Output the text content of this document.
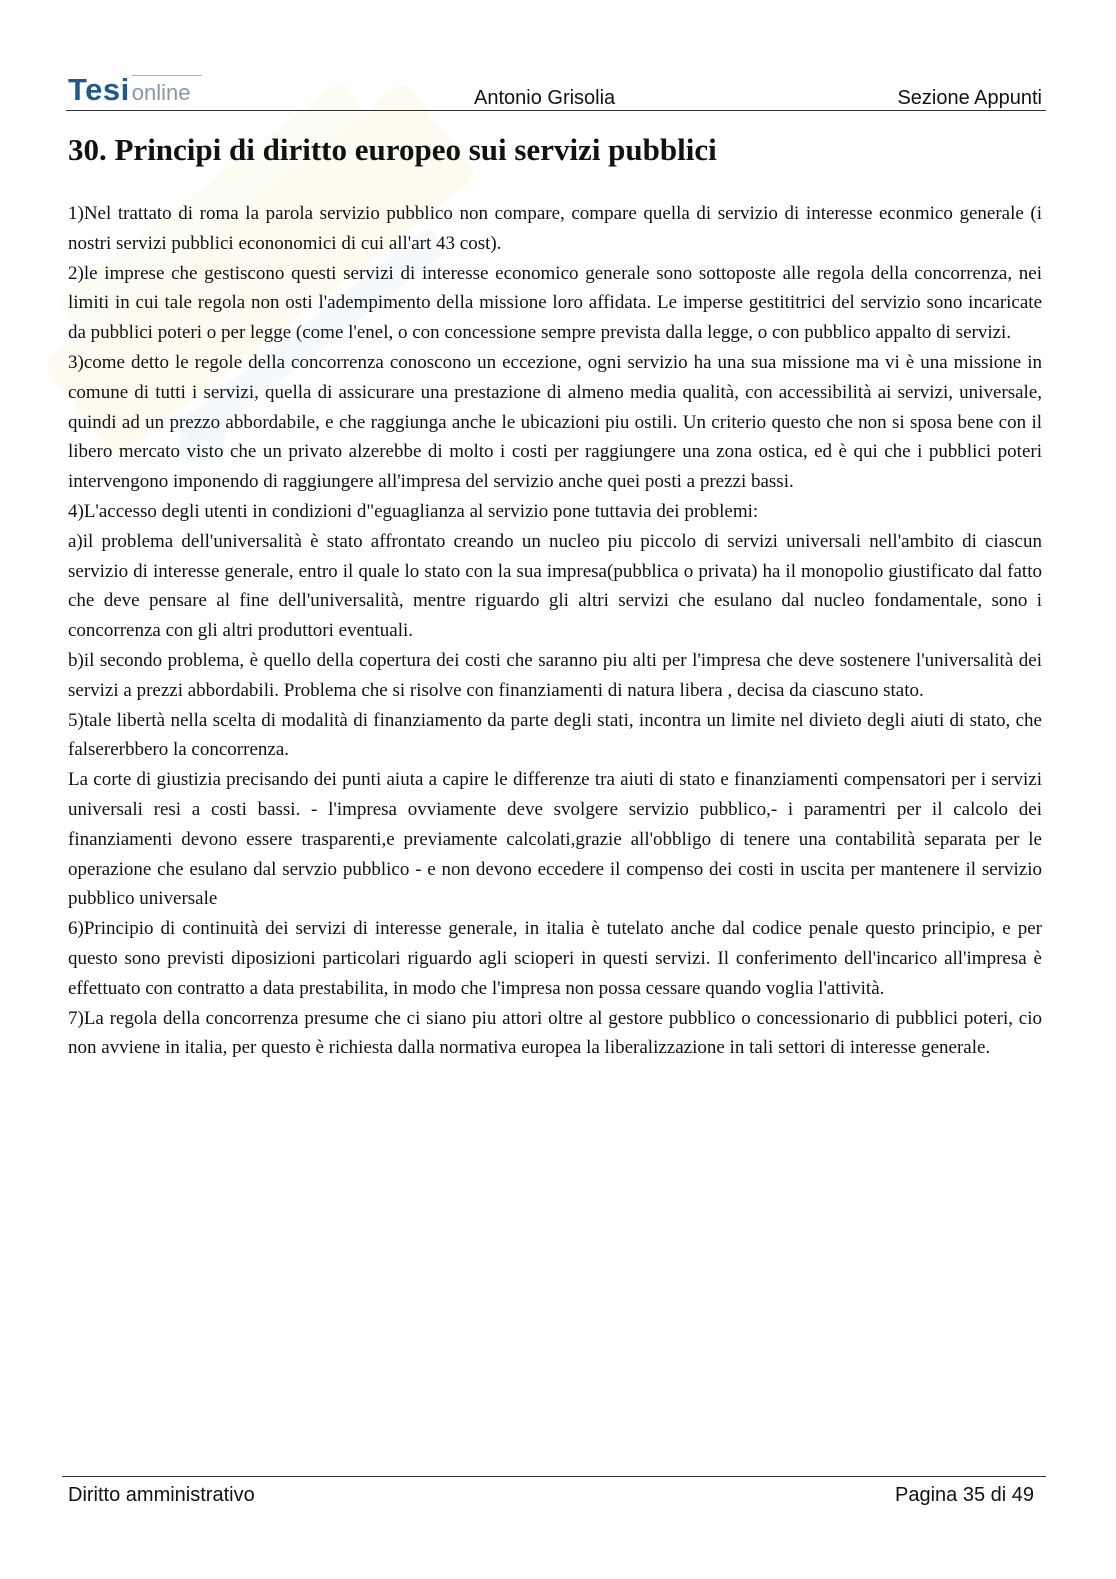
Tesionline	Antonio Grisolia	Sezione Appunti
30. Principi di diritto europeo sui servizi pubblici

1)Nel trattato di roma la parola servizio pubblico non compare, compare quella di servizio di interesse econmico generale (i nostri servizi pubblici econonomici di cui all'art 43 cost).

2)le imprese che gestiscono questi servizi di interesse economico generale sono sottoposte alle regola della concorrenza, nei limiti in cui tale regola non osti l'adempimento della missione loro affidata. Le imperse gestititrici del servizio sono incaricate da pubblici poteri o per legge (come l'enel, o con concessione sempre prevista dalla legge, o con pubblico appalto di servizi.

3)come detto le regole della concorrenza conoscono un eccezione, ogni servizio ha una sua missione ma vi è una missione in comune di tutti i servizi, quella di assicurare una prestazione di almeno media qualità, con accessibilità ai servizi, universale, quindi ad un prezzo abbordabile, e che raggiunga anche le ubicazioni piu ostili. Un criterio questo che non si sposa bene con il libero mercato visto che un privato alzerebbe di molto i costi per raggiungere una zona ostica, ed è qui che i pubblici poteri intervengono imponendo di raggiungere all'impresa del servizio anche quei posti a prezzi bassi.

4)L'accesso degli utenti in condizioni d"eguaglianza al servizio pone tuttavia dei problemi:

a)il problema dell'universalità è stato affrontato creando un nucleo piu piccolo di servizi universali nell'ambito di ciascun servizio di interesse generale, entro il quale lo stato con la sua impresa(pubblica o privata) ha il monopolio giustificato dal fatto che deve pensare al fine dell'universalità, mentre riguardo gli altri servizi che esulano dal nucleo fondamentale, sono i concorrenza con gli altri produttori eventuali.

b)il secondo problema, è quello della copertura dei costi che saranno piu alti per l'impresa che deve sostenere l'universalità dei servizi a prezzi abbordabili. Problema che si risolve con finanziamenti di natura libera , decisa da ciascuno stato.

5)tale libertà nella scelta di modalità di finanziamento da parte degli stati, incontra un limite nel divieto degli aiuti di stato, che falsererbbero la concorrenza.

La corte di giustizia precisando dei punti aiuta a capire le differenze tra aiuti di stato e finanziamenti compensatori per i servizi universali resi a costi bassi. - l'impresa ovviamente deve svolgere servizio pubblico,- i paramentri per il calcolo dei finanziamenti devono essere trasparenti,e previamente calcolati,grazie all'obbligo di tenere una contabilità separata per le operazione che esulano dal servzio pubblico - e non devono eccedere il compenso dei costi in uscita per mantenere il servizio pubblico universale

6)Principio di continuità dei servizi di interesse generale, in italia è tutelato anche dal codice penale questo principio, e per questo sono previsti diposizioni particolari riguardo agli scioperi in questi servizi. Il conferimento dell'incarico all'impresa è effettuato con contratto a data prestabilita, in modo che l'impresa non possa cessare quando voglia l'attività.

7)La regola della concorrenza presume che ci siano piu attori oltre al gestore pubblico o concessionario di pubblici poteri, cio non avviene in italia, per questo è richiesta dalla normativa europea la liberalizzazione in tali settori di interesse generale.

Diritto amministrativo	Pagina 35 di 49
